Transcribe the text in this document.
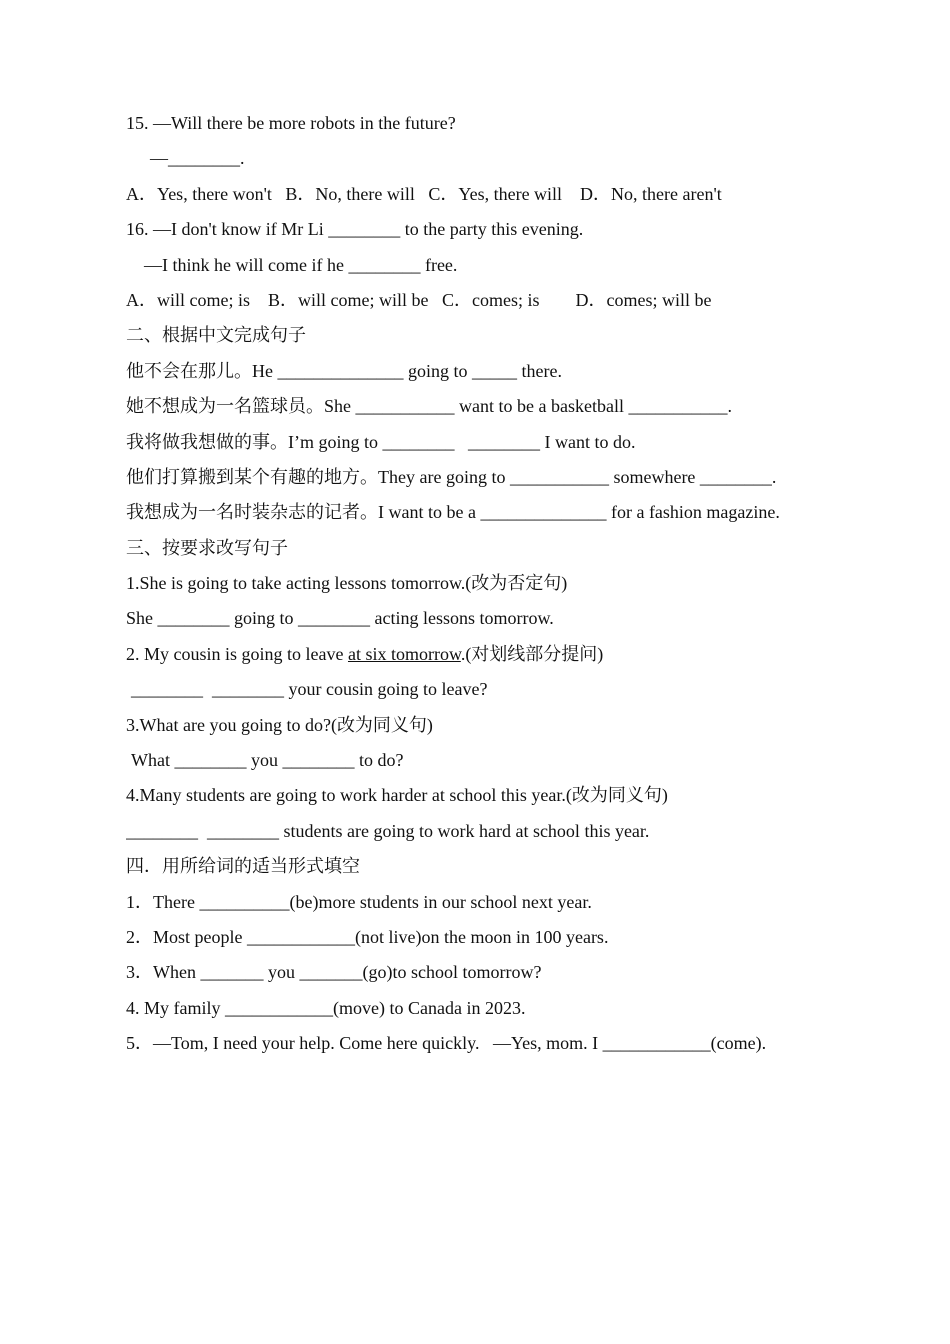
15. —Will there be more robots in the future?
—________.
A．Yes, there won't   B．No, there will   C．Yes, there will    D．No, there aren't
16. —I don't know if Mr Li ________ to the party this evening.
—I think he will come if he ________ free.
A．will come; is    B．will come; will be   C．comes; is        D．comes; will be
二、根据中文完成句子
他不会在那儿。He ______________ going to _____ there.
她不想成为一名篮球员。She ___________ want to be a basketball ___________.
我将做我想做的事。I’m going to ________   ________ I want to do.
他们打算搬到某个有趣的地方。They are going to ___________ somewhere ________.
我想成为一名时装杂志的记者。I want to be a ______________ for a fashion magazine.
三、按要求改写句子
1.She is going to take acting lessons tomorrow.(改为否定句)
She ________ going to ________ acting lessons tomorrow.
2. My cousin is going to leave at six tomorrow.(对划线部分提问)
________  ________ your cousin going to leave?
3.What are you going to do?(改为同义句)
What ________ you ________ to do?
4.Many students are going to work harder at school this year.(改为同义句)
________  ________ students are going to work hard at school this year.
四．用所给词的适当形式填空
1．There __________(be)more students in our school next year.
2．Most people ____________(not live)on the moon in 100 years.
3．When _______ you _______(go)to school tomorrow?
4. My family ____________(move) to Canada in 2023.
5．—Tom, I need your help. Come here quickly.   —Yes, mom. I ____________(come).
